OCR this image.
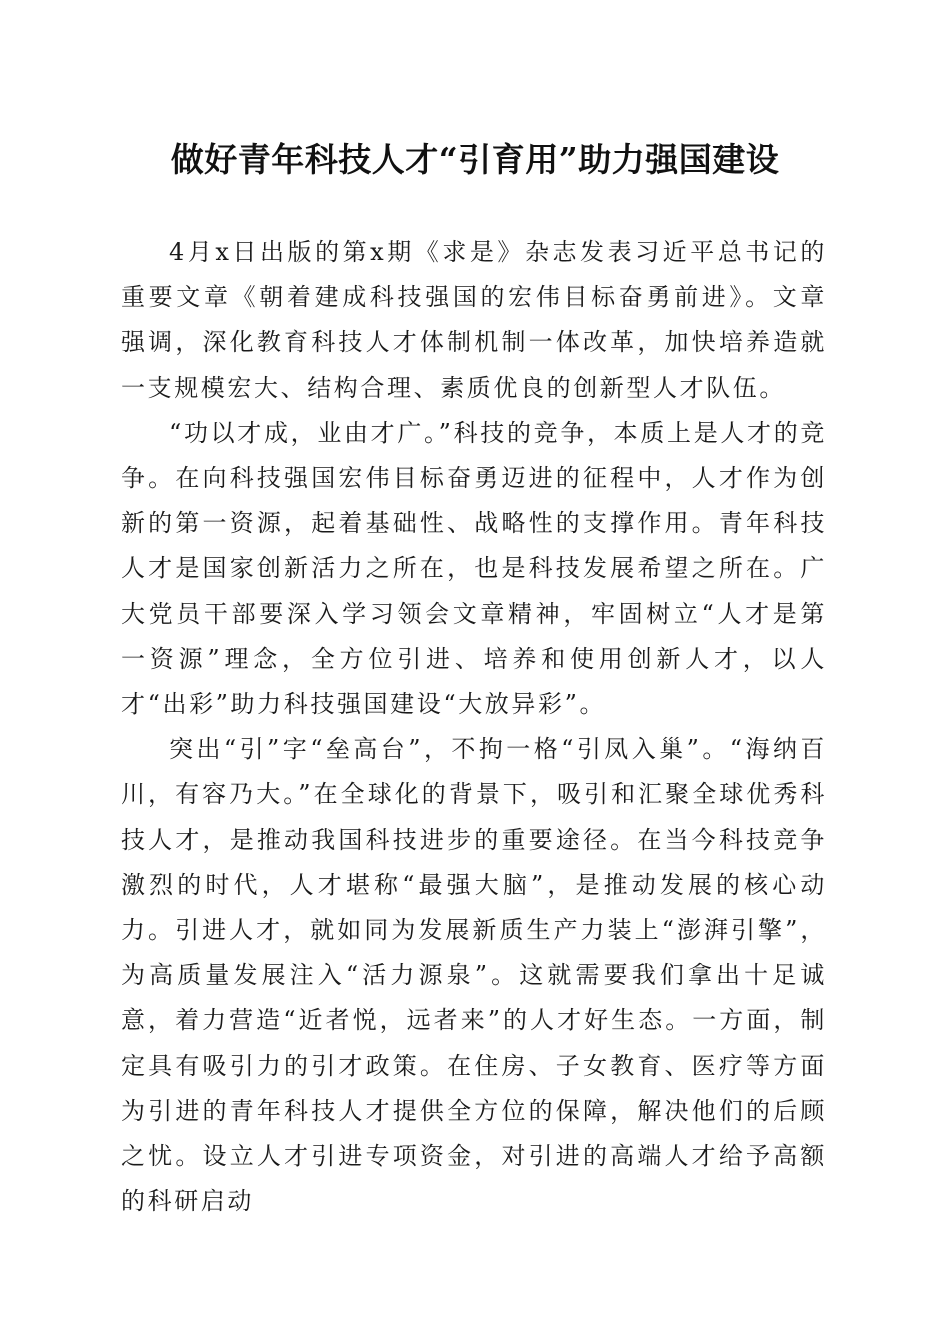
做好青年科技人才“引育用”助力强国建设

4月x日出版的第x期《求是》杂志发表习近平总书记的重要文章《朝着建成科技强国的宏伟目标奋勇前进》。文章强调，深化教育科技人才体制机制一体改革，加快培养造就一支规模宏大、结构合理、素质优良的创新型人才队伍。

“功以才成，业由才广。”科技的竞争，本质上是人才的竞争。在向科技强国宏伟目标奋勇迈进的征程中，人才作为创新的第一资源，起着基础性、战略性的支撑作用。青年科技人才是国家创新活力之所在，也是科技发展希望之所在。广大党员干部要深入学习领会文章精神，牢固树立“人才是第一资源”理念，全方位引进、培养和使用创新人才，以人才“出彩”助力科技强国建设“大放异彩”。

突出“引”字“垒高台”，不拘一格“引凤入巢”。“海纳百川，有容乃大。”在全球化的背景下，吸引和汇聚全球优秀科技人才，是推动我国科技进步的重要途径。在当今科技竞争激烈的时代，人才堪称“最强大脑”，是推动发展的核心动力。引进人才，就如同为发展新质生产力装上“澎湃引擎”，为高质量发展注入“活力源泉”。这就需要我们拿出十足诚意，着力营造“近者悦，远者来”的人才好生态。一方面，制定具有吸引力的引才政策。在住房、子女教育、医疗等方面为引进的青年科技人才提供全方位的保障，解决他们的后顾之忧。设立人才引进专项资金，对引进的高端人才给予高额的科研启动
